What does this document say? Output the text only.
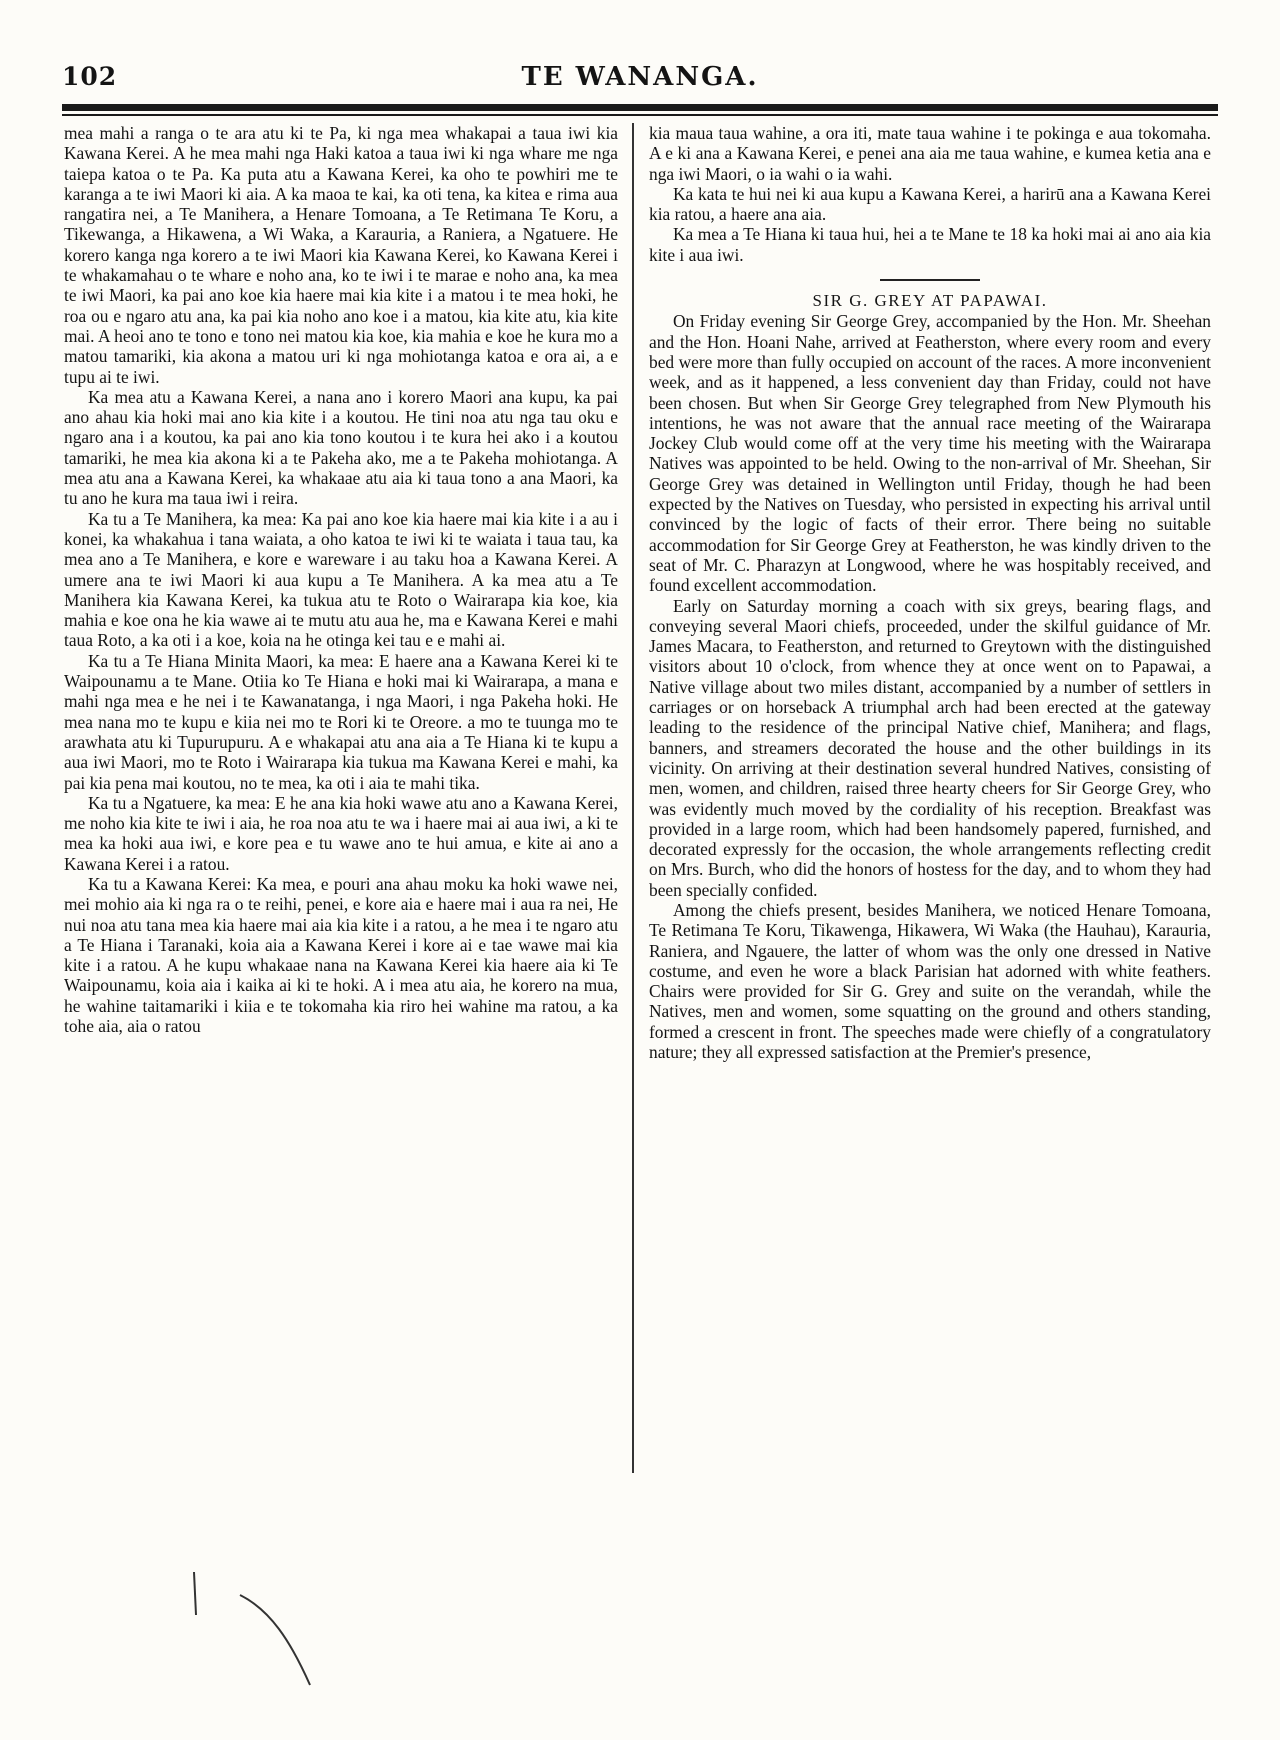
102	TE WANANGA.

mea mahi a ranga o te ara atu ki te Pa, ki nga mea whakapai a taua iwi kia Kawana Kerei. A he mea mahi nga Haki katoa a taua iwi ki nga whare me nga taiepa katoa o te Pa. Ka puta atu a Kawana Kerei, ka oho te powhiri me te karanga a te iwi Maori ki aia. A ka maoa te kai, ka oti tena, ka kitea e rima aua rangatira nei, a Te Manihera, a Henare Tomoana, a Te Retimana Te Koru, a Tikewanga, a Hikawena, a Wi Waka, a Karauria, a Raniera, a Ngatuere. He korero kanga nga korero a te iwi Maori kia Kawana Kerei, ko Kawana Kerei i te whakamahau o te whare e noho ana, ko te iwi i te marae e noho ana, ka mea te iwi Maori, ka pai ano koe kia haere mai kia kite i a matou i te mea hoki, he roa ou e ngaro atu ana, ka pai kia noho ano koe i a matou, kia kite atu, kia kite mai. A heoi ano te tono e tono nei matou kia koe, kia mahia e koe he kura mo a matou tamariki, kia akona a matou uri ki nga mohiotanga katoa e ora ai, a e tupu ai te iwi.

Ka mea atu a Kawana Kerei, a nana ano i korero Maori ana kupu, ka pai ano ahau kia hoki mai ano kia kite i a koutou. He tini noa atu nga tau oku e ngaro ana i a koutou, ka pai ano kia tono koutou i te kura hei ako i a koutou tamariki, he mea kia akona ki a te Pakeha ako, me a te Pakeha mohiotanga. A mea atu ana a Kawana Kerei, ka whakaae atu aia ki taua tono a ana Maori, ka tu ano he kura ma taua iwi i reira.

Ka tu a Te Manihera, ka mea: Ka pai ano koe kia haere mai kia kite i a au i konei, ka whakahua i tana waiata, a oho katoa te iwi ki te waiata i taua tau, ka mea ano a Te Manihera, e kore e wareware i au taku hoa a Kawana Kerei. A umere ana te iwi Maori ki aua kupu a Te Manihera. A ka mea atu a Te Manihera kia Kawana Kerei, ka tukua atu te Roto o Wairarapa kia koe, kia mahia e koe ona he kia wawe ai te mutu atu aua he, ma e Kawana Kerei e mahi taua Roto, a ka oti i a koe, koia na he otinga kei tau e e mahi ai.

Ka tu a Te Hiana Minita Maori, ka mea: E haere ana a Kawana Kerei ki te Waipounamu a te Mane. Otiia ko Te Hiana e hoki mai ki Wairarapa, a mana e mahi nga mea e he nei i te Kawanatanga, i nga Maori, i nga Pakeha hoki. He mea nana mo te kupu e kiia nei mo te Rori ki te Oreore. a mo te tuunga mo te arawhata atu ki Tupurupuru. A e whakapai atu ana aia a Te Hiana ki te kupu a aua iwi Maori, mo te Roto i Wairarapa kia tukua ma Kawana Kerei e mahi, ka pai kia pena mai koutou, no te mea, ka oti i aia te mahi tika.

Ka tu a Ngatuere, ka mea: E he ana kia hoki wawe atu ano a Kawana Kerei, me noho kia kite te iwi i aia, he roa noa atu te wa i haere mai ai aua iwi, a ki te mea ka hoki aua iwi, e kore pea e tu wawe ano te hui amua, e kite ai ano a Kawana Kerei i a ratou.

Ka tu a Kawana Kerei: Ka mea, e pouri ana ahau moku ka hoki wawe nei, mei mohio aia ki nga ra o te reihi, penei, e kore aia e haere mai i aua ra nei, He nui noa atu tana mea kia haere mai aia kia kite i a ratou, a he mea i te ngaro atu a Te Hiana i Taranaki, koia aia a Kawana Kerei i kore ai e tae wawe mai kia kite i a ratou. A he kupu whakaae nana na Kawana Kerei kia haere aia ki Te Waipounamu, koia aia i kaika ai ki te hoki. A i mea atu aia, he korero na mua, he wahine taitamariki i kiia e te tokomaha kia riro hei wahine ma ratou, a ka tohe aia, aia o ratou

kia maua taua wahine, a ora iti, mate taua wahine i te pokinga e aua tokomaha. A e ki ana a Kawana Kerei, e penei ana aia me taua wahine, e kumea ketia ana e nga iwi Maori, o ia wahi o ia wahi.

Ka kata te hui nei ki aua kupu a Kawana Kerei, a harirū ana a Kawana Kerei kia ratou, a haere ana aia.

Ka mea a Te Hiana ki taua hui, hei a te Mane te 18 ka hoki mai ai ano aia kia kite i aua iwi.

SIR G. GREY AT PAPAWAI.

On Friday evening Sir George Grey, accompanied by the Hon. Mr. Sheehan and the Hon. Hoani Nahe, arrived at Featherston, where every room and every bed were more than fully occupied on account of the races. A more inconvenient week, and as it happened, a less convenient day than Friday, could not have been chosen. But when Sir George Grey telegraphed from New Plymouth his intentions, he was not aware that the annual race meeting of the Wairarapa Jockey Club would come off at the very time his meeting with the Wairarapa Natives was appointed to be held. Owing to the non-arrival of Mr. Sheehan, Sir George Grey was detained in Wellington until Friday, though he had been expected by the Natives on Tuesday, who persisted in expecting his arrival until convinced by the logic of facts of their error. There being no suitable accommodation for Sir George Grey at Featherston, he was kindly driven to the seat of Mr. C. Pharazyn at Longwood, where he was hospitably received, and found excellent accommodation.

Early on Saturday morning a coach with six greys, bearing flags, and conveying several Maori chiefs, proceeded, under the skilful guidance of Mr. James Macara, to Featherston, and returned to Greytown with the distinguished visitors about 10 o'clock, from whence they at once went on to Papawai, a Native village about two miles distant, accompanied by a number of settlers in carriages or on horseback A triumphal arch had been erected at the gateway leading to the residence of the principal Native chief, Manihera; and flags, banners, and streamers decorated the house and the other buildings in its vicinity. On arriving at their destination several hundred Natives, consisting of men, women, and children, raised three hearty cheers for Sir George Grey, who was evidently much moved by the cordiality of his reception. Breakfast was provided in a large room, which had been handsomely papered, furnished, and decorated expressly for the occasion, the whole arrangements reflecting credit on Mrs. Burch, who did the honors of hostess for the day, and to whom they had been specially confided.

Among the chiefs present, besides Manihera, we noticed Henare Tomoana, Te Retimana Te Koru, Tikawenga, Hikawera, Wi Waka (the Hauhau), Karauria, Raniera, and Ngauere, the latter of whom was the only one dressed in Native costume, and even he wore a black Parisian hat adorned with white feathers. Chairs were provided for Sir G. Grey and suite on the verandah, while the Natives, men and women, some squatting on the ground and others standing, formed a crescent in front. The speeches made were chiefly of a congratulatory nature; they all expressed satisfaction at the Premier's presence,
